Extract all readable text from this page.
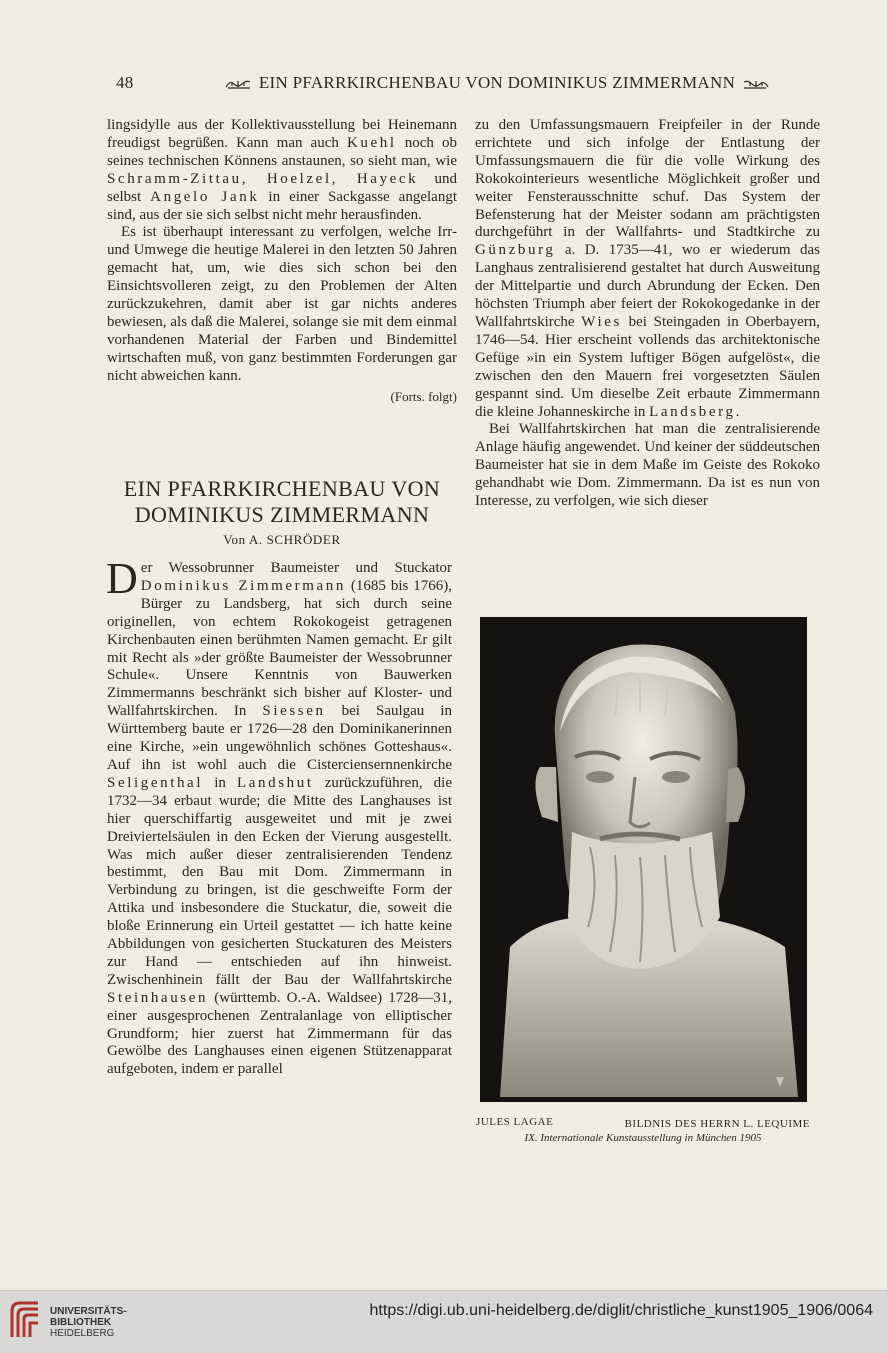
48	EIN PFARRKIRCHENBAU VON DOMINIKUS ZIMMERMANN

lingsidylle aus der Kollektivausstellung bei Heinemann freudigst begrüßen. Kann man auch Kuehl noch ob seines technischen Könnens anstaunen, so sieht man, wie Schramm-Zittau, Hoelzel, Hayeck und selbst Angelo Jank in einer Sackgasse angelangt sind, aus der sie sich selbst nicht mehr herausfinden.

Es ist überhaupt interessant zu verfolgen, welche Irr- und Umwege die heutige Malerei in den letzten 50 Jahren gemacht hat, um, wie dies sich schon bei den Einsichtsvolleren zeigt, zu den Problemen der Alten zurückzukehren, damit aber ist gar nichts anderes bewiesen, als daß die Malerei, solange sie mit dem einmal vorhandenen Material der Farben und Bindemittel wirtschaften muß, von ganz bestimmten Forderungen gar nicht abweichen kann.

(Forts. folgt)
EIN PFARRKIRCHENBAU VON DOMINIKUS ZIMMERMANN
Von A. SCHRÖDER

Der Wessobrunner Baumeister und Stuckator Dominikus Zimmermann (1685 bis 1766), Bürger zu Landsberg, hat sich durch seine originellen, von echtem Rokokogeist getragenen Kirchenbauten einen berühmten Namen gemacht. Er gilt mit Recht als »der größte Baumeister der Wessobrunner Schule«. Unsere Kenntnis von Bauwerken Zimmermanns beschränkt sich bisher auf Kloster- und Wallfahrtskirchen. In Siessen bei Saulgau in Württemberg baute er 1726—28 den Dominikanerinnen eine Kirche, »ein ungewöhnlich schönes Gotteshaus«. Auf ihn ist wohl auch die Cisterciensernnenkirche Seligenthal in Landshut zurückzuführen, die 1732—34 erbaut wurde; die Mitte des Langhauses ist hier querschiffartig ausgeweitet und mit je zwei Dreiviertelsäulen in den Ecken der Vierung ausgestellt. Was mich außer dieser zentralisierenden Tendenz bestimmt, den Bau mit Dom. Zimmermann in Verbindung zu bringen, ist die geschweifte Form der Attika und insbesondere die Stuckatur, die, soweit die bloße Erinnerung ein Urteil gestattet — ich hatte keine Abbildungen von gesicherten Stuckaturen des Meisters zur Hand — entschieden auf ihn hinweist. Zwischenhinein fällt der Bau der Wallfahrtskirche Steinhausen (württemb. O.-A. Waldsee) 1728—31, einer ausgesprochenen Zentralanlage von elliptischer Grundform; hier zuerst hat Zimmermann für das Gewölbe des Langhauses einen eigenen Stützenapparat aufgeboten, indem er parallel

zu den Umfassungsmauern Freipfeiler in der Runde errichtete und sich infolge der Entlastung der Umfassungsmauern die für die volle Wirkung des Rokokointerieurs wesentliche Möglichkeit großer und weiter Fensterausschnitte schuf. Das System der Befensterung hat der Meister sodann am prächtigsten durchgeführt in der Wallfahrts- und Stadtkirche zu Günzburg a. D. 1735—41, wo er wiederum das Langhaus zentralisierend gestaltet hat durch Ausweitung der Mittelpartie und durch Abrundung der Ecken. Den höchsten Triumph aber feiert der Rokokogedanke in der Wallfahrtskirche Wies bei Steingaden in Oberbayern, 1746—54. Hier erscheint vollends das architektonische Gefüge »in ein System luftiger Bögen aufgelöst«, die zwischen den den Mauern frei vorgesetzten Säulen gespannt sind. Um dieselbe Zeit erbaute Zimmermann die kleine Johanneskirche in Landsberg.

Bei Wallfahrtskirchen hat man die zentralisierende Anlage häufig angewendet. Und keiner der süddeutschen Baumeister hat sie in dem Maße im Geiste des Rokoko gehandhabt wie Dom. Zimmermann. Da ist es nun von Interesse, zu verfolgen, wie sich dieser

JULES LAGAE	BILDNIS DES HERRN L. LEQUIME
IX. Internationale Kunstausstellung in München 1905
UNIVERSITÄTS-
BIBLIOTHEK
HEIDELBERG
https://digi.ub.uni-heidelberg.de/diglit/christliche_kunst1905_1906/0064
